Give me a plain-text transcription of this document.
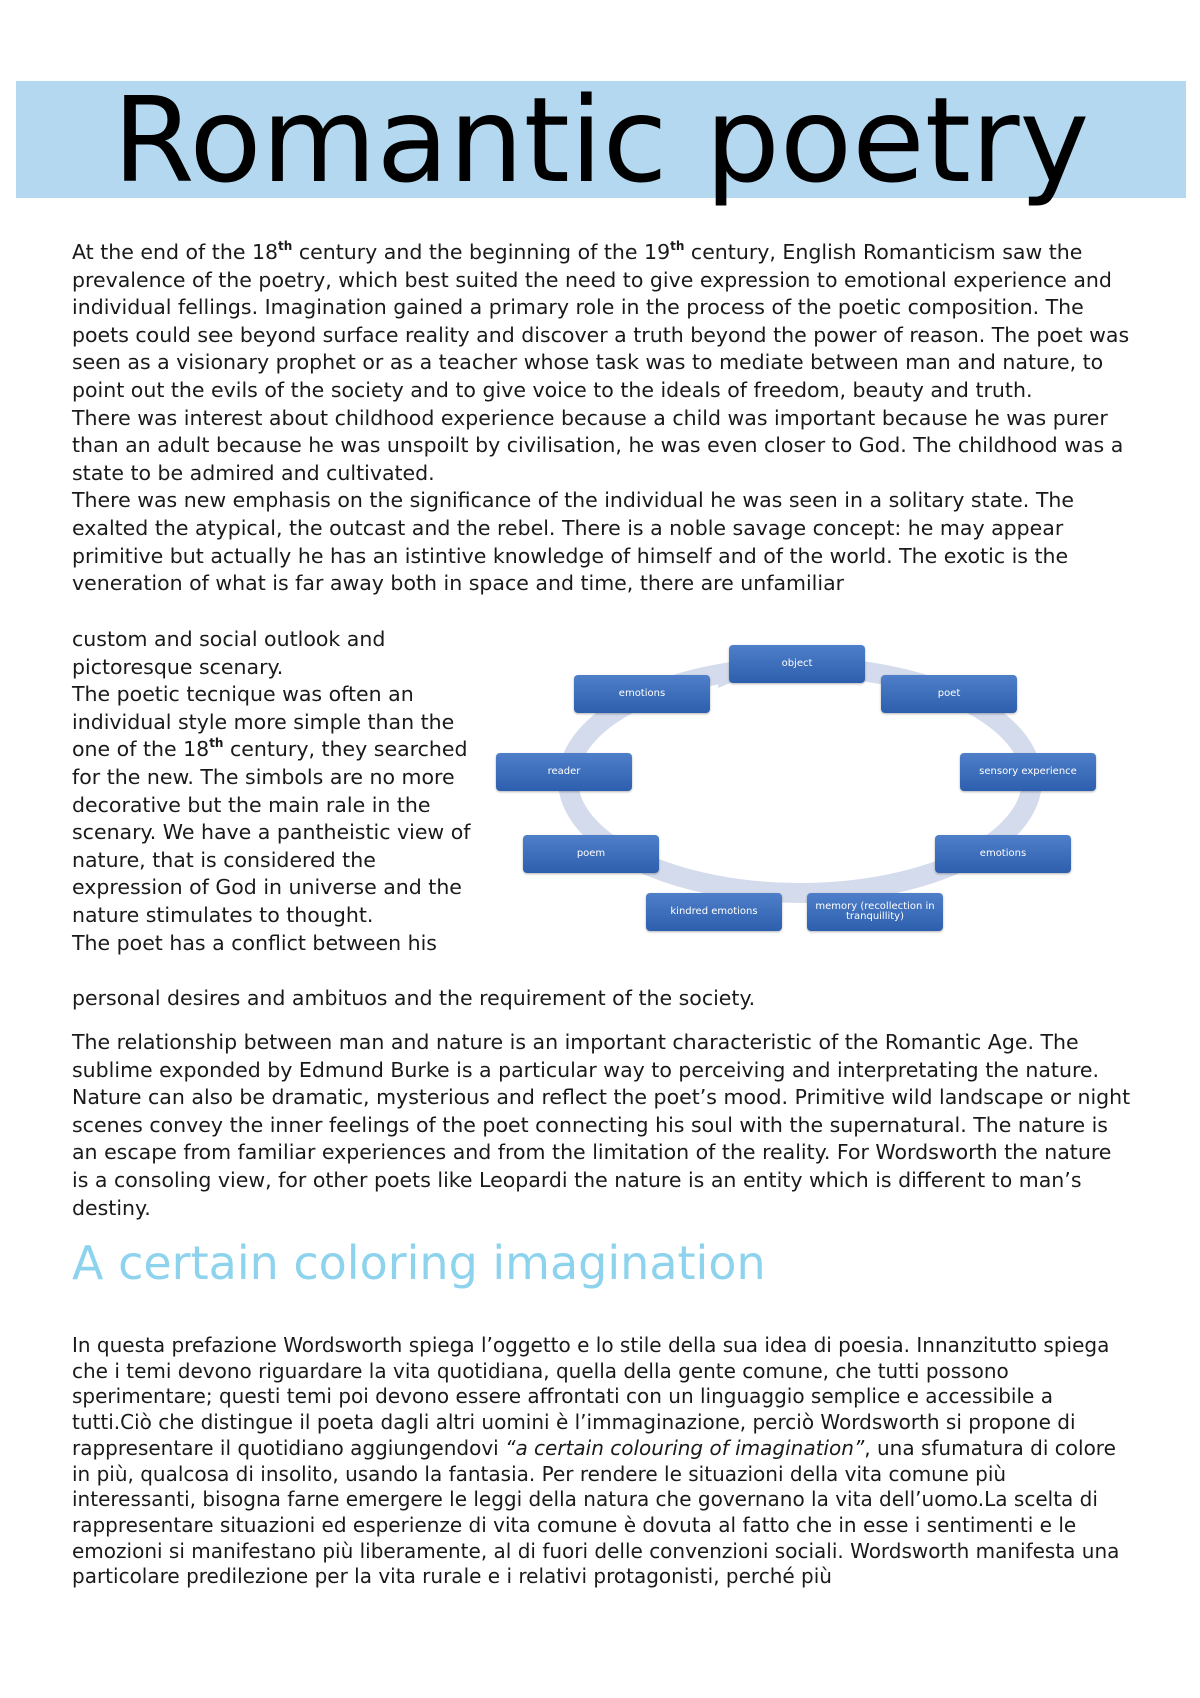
Romantic poetry

At the end of the 18th century and the beginning of the 19th century, English Romanticism saw the prevalence of the poetry, which best suited the need to give expression to emotional experience and individual fellings. Imagination gained a primary role in the process of the poetic composition. The poets could see beyond surface reality and discover a truth beyond the power of reason. The poet was seen as a visionary prophet or as a teacher whose task was to mediate between man and nature, to point out the evils of the society and to give voice to the ideals of freedom, beauty and truth.

There was interest about childhood experience because a child was important because he was purer than an adult because he was unspoilt by civilisation, he was even closer to God. The childhood was a state to be admired and cultivated.

There was new emphasis on the significance of the individual he was seen in a solitary state. The exalted the atypical, the outcast and the rebel. There is a noble savage concept: he may appear primitive but actually he has an istintive knowledge of himself and of the world. The exotic is the veneration of what is far away both in space and time, there are unfamiliar

custom and social outlook and pictoresque scenary.

The poetic tecnique was often an individual style more simple than the one of the 18th century, they searched for the new. The simbols are no more decorative but the main rale in the scenary. We have a pantheistic view of nature, that is considered the expression of God in universe and the nature stimulates to thought.

The poet has a conflict between his

personal desires and ambituos and the requirement of the society.
The relationship between man and nature is an important characteristic of the Romantic Age. The sublime exponded by Edmund Burke is a particular way to perceiving and interpretating the nature. Nature can also be dramatic, mysterious and reflect the poet’s mood. Primitive wild landscape or night scenes convey the inner feelings of the poet connecting his soul with the supernatural. The nature is an escape from familiar experiences and from the limitation of the reality. For Wordsworth the nature is a consoling view, for other poets like Leopardi the nature is an entity which is different to man’s destiny.
A certain coloring imagination

In questa prefazione Wordsworth spiega l’oggetto e lo stile della sua idea di poesia. Innanzitutto spiega che i temi devono riguardare la vita quotidiana, quella della gente comune, che tutti possono sperimentare; questi temi poi devono essere affrontati con un linguaggio semplice e accessibile a tutti.Ciò che distingue il poeta dagli altri uomini è l’immaginazione, perciò Wordsworth si propone di rappresentare il quotidiano aggiungendovi “a certain colouring of imagination”, una sfumatura di colore in più, qualcosa di insolito, usando la fantasia. Per rendere le situazioni della vita comune più interessanti, bisogna farne emergere le leggi della natura che governano la vita dell’uomo.La scelta di rappresentare situazioni ed esperienze di vita comune è dovuta al fatto che in esse i sentimenti e le emozioni si manifestano più liberamente, al di fuori delle convenzioni sociali. Wordsworth manifesta una particolare predilezione per la vita rurale e i relativi protagonisti, perché più

object
poet
sensory experience
emotions
memory (recollection in tranquillity)
kindred emotions
poem
reader
emotions
